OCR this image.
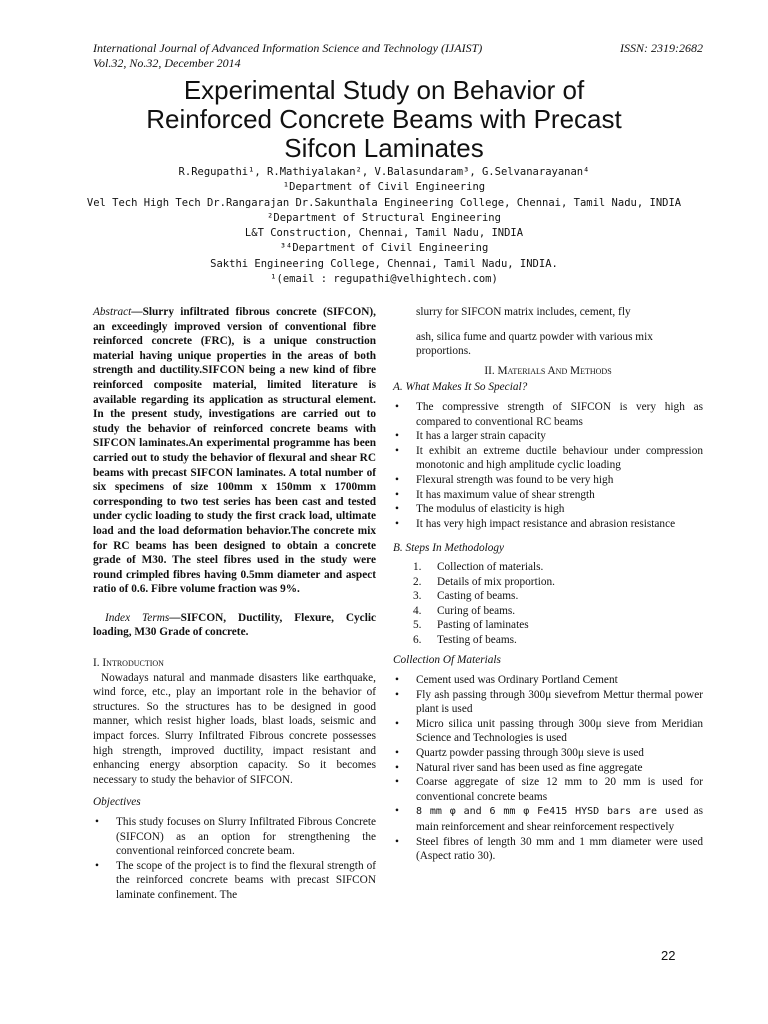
International Journal of Advanced Information Science and Technology (IJAIST)	ISSN: 2319:2682
Vol.32, No.32, December 2014
Experimental Study on Behavior of
Reinforced Concrete Beams with Precast
Sifcon Laminates
R.Regupathi¹, R.Mathiyalakan², V.Balasundaram³, G.Selvanarayanan⁴
¹Department of Civil Engineering
Vel Tech High Tech Dr.Rangarajan Dr.Sakunthala Engineering College, Chennai, Tamil Nadu, INDIA
²Department of Structural Engineering
L&T Construction, Chennai, Tamil Nadu, INDIA
³⁴Department of Civil Engineering
Sakthi Engineering College, Chennai, Tamil Nadu, INDIA.
¹(email : regupathi@velhightech.com)

Abstract—Slurry infiltrated fibrous concrete (SIFCON), an exceedingly improved version of conventional fibre reinforced concrete (FRC), is a unique construction material having unique properties in the areas of both strength and ductility.SIFCON being a new kind of fibre reinforced composite material, limited literature is available regarding its application as structural element. In the present study, investigations are carried out to study the behavior of reinforced concrete beams with SIFCON laminates.An experimental programme has been carried out to study the behavior of flexural and shear RC beams with precast SIFCON laminates. A total number of six specimens of size 100mm x 150mm x 1700mm corresponding to two test series has been cast and tested under cyclic loading to study the first crack load, ultimate load and the load deformation behavior.The concrete mix for RC beams has been designed to obtain a concrete grade of M30. The steel fibres used in the study were round crimpled fibres having 0.5mm diameter and aspect ratio of 0.6. Fibre volume fraction was 9%.

Index Terms—SIFCON, Ductility, Flexure, Cyclic loading, M30 Grade of concrete.

I. Introduction

Nowadays natural and manmade disasters like earthquake, wind force, etc., play an important role in the behavior of structures. So the structures has to be designed in good manner, which resist higher loads, blast loads, seismic and impact forces. Slurry Infiltrated Fibrous concrete possesses high strength, improved ductility, impact resistant and enhancing energy absorption capacity. So it becomes necessary to study the behavior of SIFCON.

Objectives

• This study focuses on Slurry Infiltrated Fibrous Concrete (SIFCON) as an option for strengthening the conventional reinforced concrete beam.
• The scope of the project is to find the flexural strength of the reinforced concrete beams with precast SIFCON laminate confinement. The

slurry for SIFCON matrix includes, cement, fly

ash, silica fume and quartz powder with various mix proportions.

II. Materials And Methods

A. What Makes It So Special?

• The compressive strength of SIFCON is very high as compared to conventional RC beams
• It has a larger strain capacity
• It exhibit an extreme ductile behaviour under compression monotonic and high amplitude cyclic loading
• Flexural strength was found to be very high
• It has maximum value of shear strength
• The modulus of elasticity is high
• It has very high impact resistance and abrasion resistance

B. Steps In Methodology

1. Collection of materials.
2. Details of mix proportion.
3. Casting of beams.
4. Curing of beams.
5. Pasting of laminates
6. Testing of beams.

Collection Of Materials

• Cement used was Ordinary Portland Cement
• Fly ash passing through 300μ sievefrom Mettur thermal power plant is used
• Micro silica unit passing through 300μ sieve from Meridian Science and Technologies is used
• Quartz powder passing through 300μ sieve is used
• Natural river sand has been used as fine aggregate
• Coarse aggregate of size 12 mm to 20 mm is used for conventional concrete beams
• 8 mm φ and 6 mm φ Fe415 HYSD bars are used as main reinforcement and shear reinforcement respectively
• Steel fibres of length 30 mm and 1 mm diameter were used (Aspect ratio 30).
22
